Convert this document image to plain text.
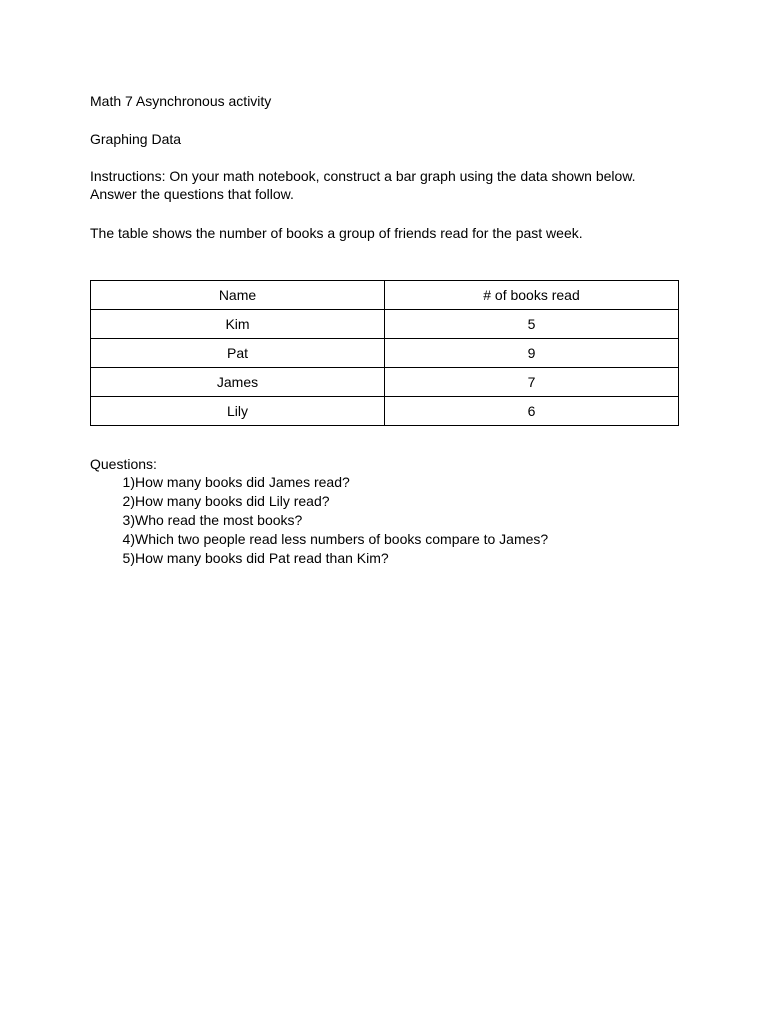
Math 7 Asynchronous activity
Graphing Data
Instructions: On your math notebook, construct a bar graph using the data shown below.
Answer the questions that follow.
The table shows the number of books a group of friends read for the past week.
Name	# of books read
Kim	5
Pat	9
James	7
Lily	6
Questions:
1) How many books did James read?
2) How many books did Lily read?
3) Who read the most books?
4) Which two people read less numbers of books compare to James?
5) How many books did Pat read than Kim?
